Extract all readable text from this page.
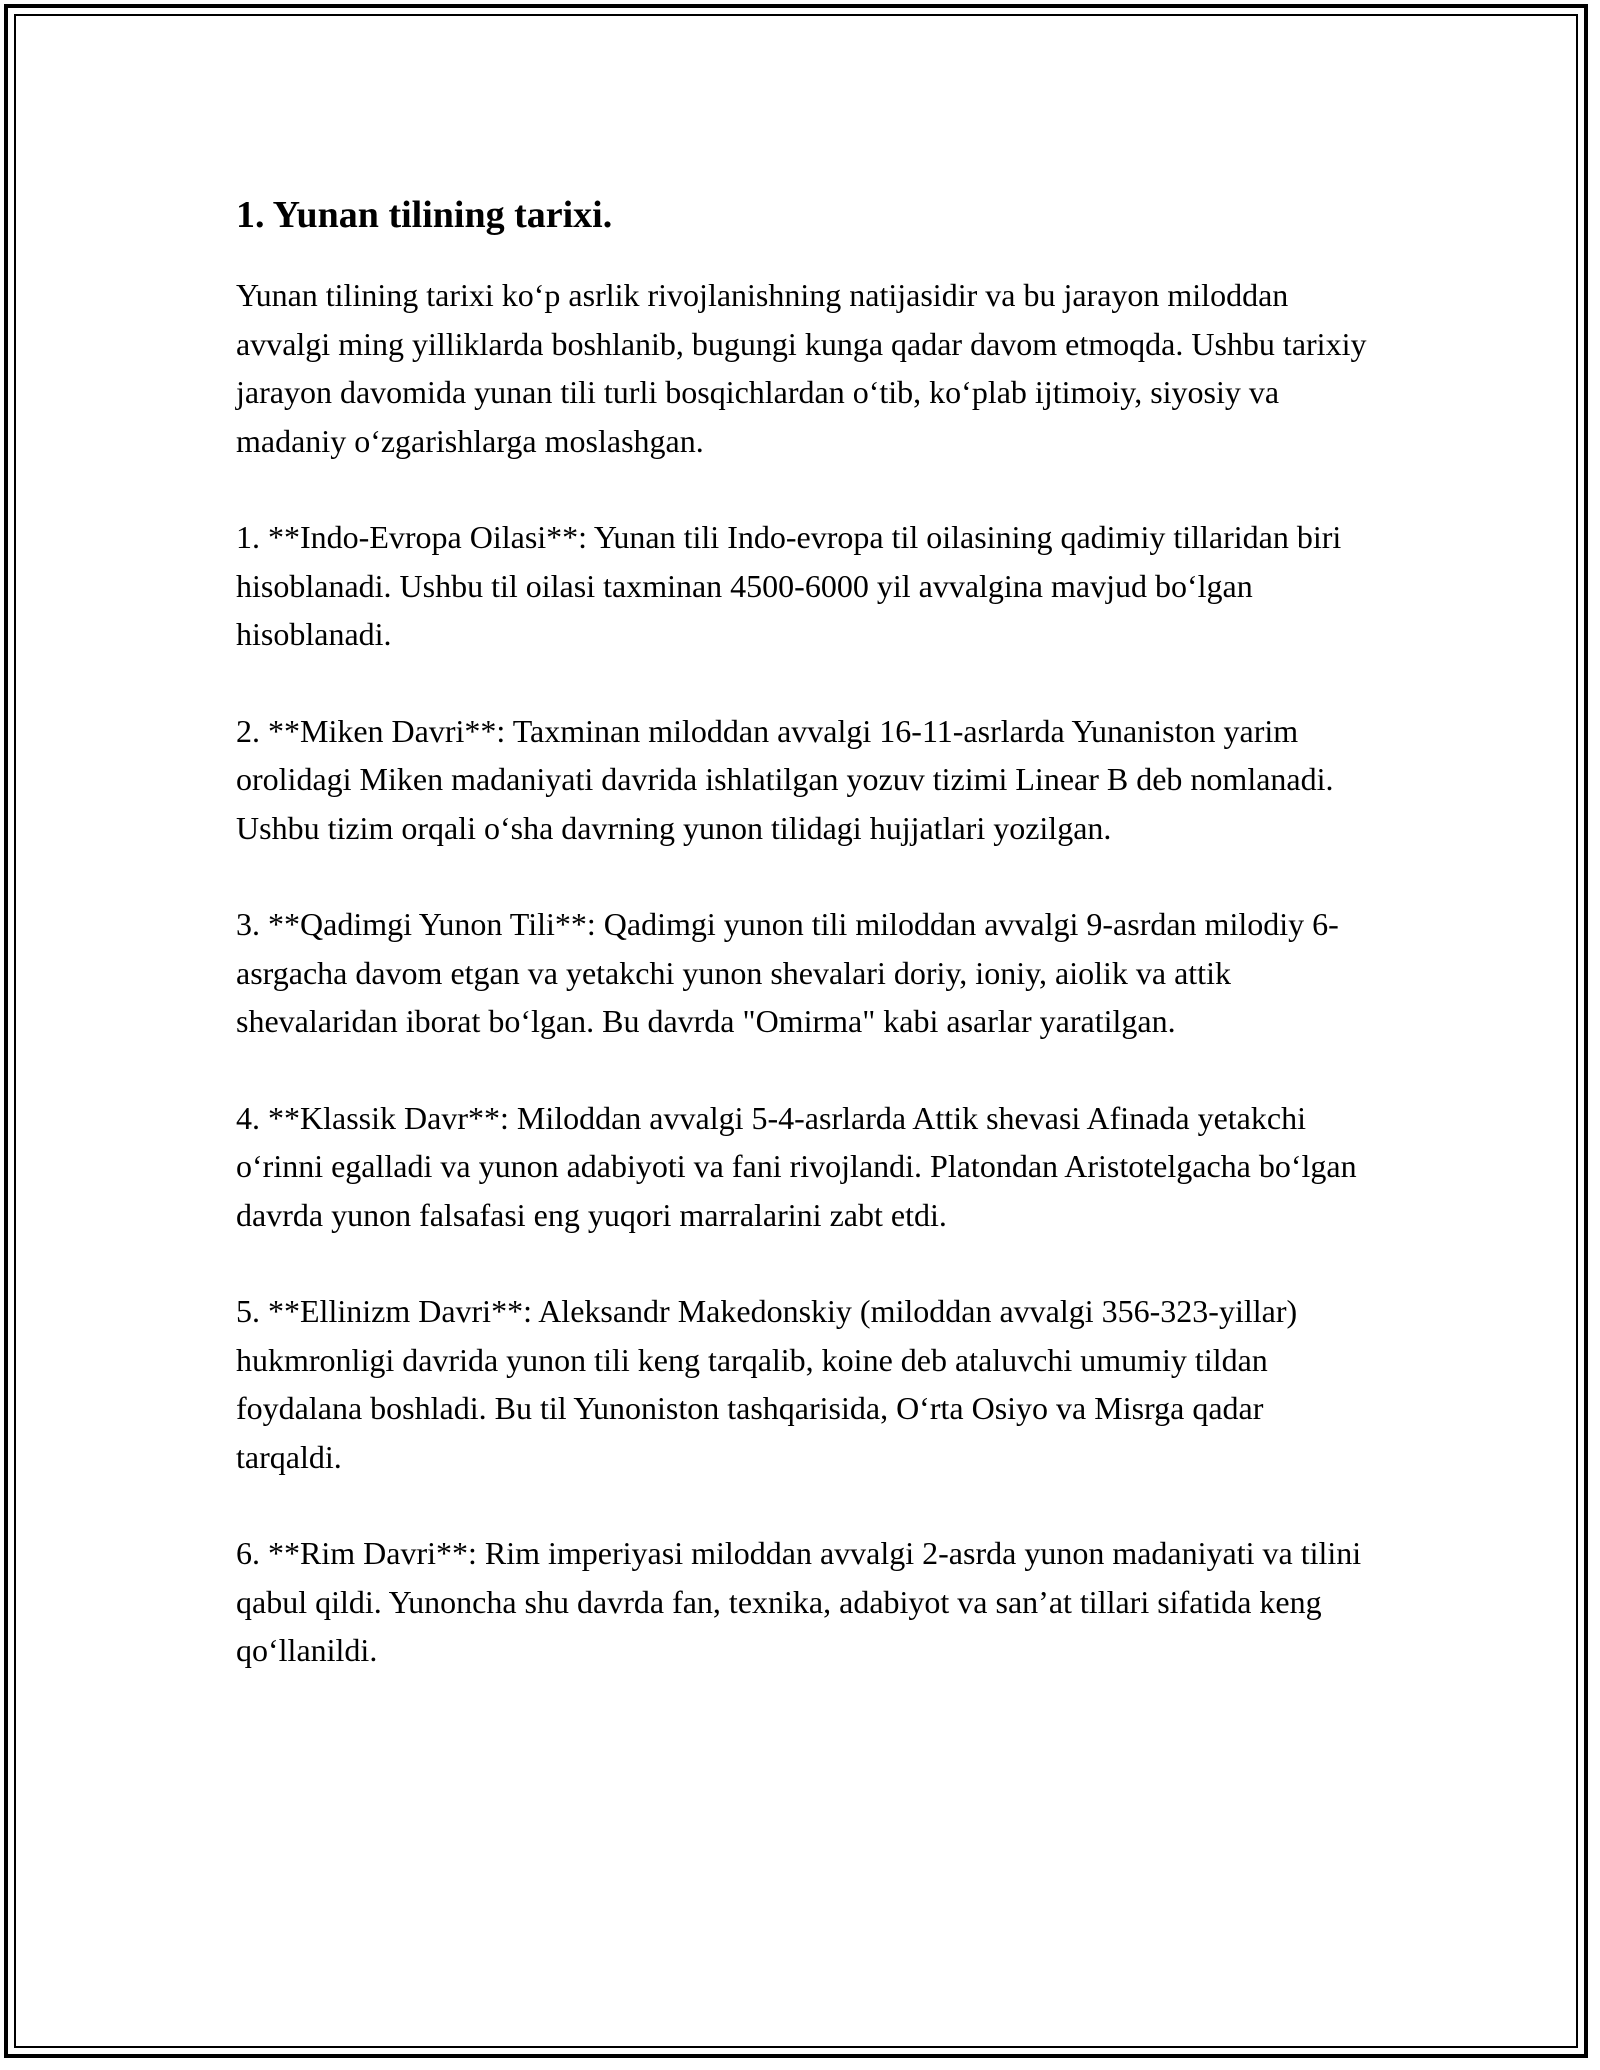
1. Yunan tilining tarixi.

Yunan tilining tarixi ko‘p asrlik rivojlanishning natijasidir va bu jarayon miloddan avvalgi ming yilliklarda boshlanib, bugungi kunga qadar davom etmoqda. Ushbu tarixiy jarayon davomida yunan tili turli bosqichlardan o‘tib, ko‘plab ijtimoiy, siyosiy va madaniy o‘zgarishlarga moslashgan.

1. **Indo-Evropa Oilasi**: Yunan tili Indo-evropa til oilasining qadimiy tillaridan biri hisoblanadi. Ushbu til oilasi taxminan 4500-6000 yil avvalgina mavjud bo‘lgan hisoblanadi.

2. **Miken Davri**: Taxminan miloddan avvalgi 16-11-asrlarda Yunaniston yarim orolidagi Miken madaniyati davrida ishlatilgan yozuv tizimi Linear B deb nomlanadi. Ushbu tizim orqali o‘sha davrning yunon tilidagi hujjatlari yozilgan.

3. **Qadimgi Yunon Tili**: Qadimgi yunon tili miloddan avvalgi 9-asrdan milodiy 6-asrgacha davom etgan va yetakchi yunon shevalari doriy, ioniy, aiolik va attik shevalaridan iborat bo‘lgan. Bu davrda "Omirma" kabi asarlar yaratilgan.

4. **Klassik Davr**: Miloddan avvalgi 5-4-asrlarda Attik shevasi Afinada yetakchi o‘rinni egalladi va yunon adabiyoti va fani rivojlandi. Platondan Aristotelgacha bo‘lgan davrda yunon falsafasi eng yuqori marralarini zabt etdi.

5. **Ellinizm Davri**: Aleksandr Makedonskiy (miloddan avvalgi 356-323-yillar) hukmronligi davrida yunon tili keng tarqalib, koine deb ataluvchi umumiy tildan foydalana boshladi. Bu til Yunoniston tashqarisida, O‘rta Osiyo va Misrga qadar tarqaldi.

6. **Rim Davri**: Rim imperiyasi miloddan avvalgi 2-asrda yunon madaniyati va tilini qabul qildi. Yunoncha shu davrda fan, texnika, adabiyot va san’at tillari sifatida keng qo‘llanildi.
